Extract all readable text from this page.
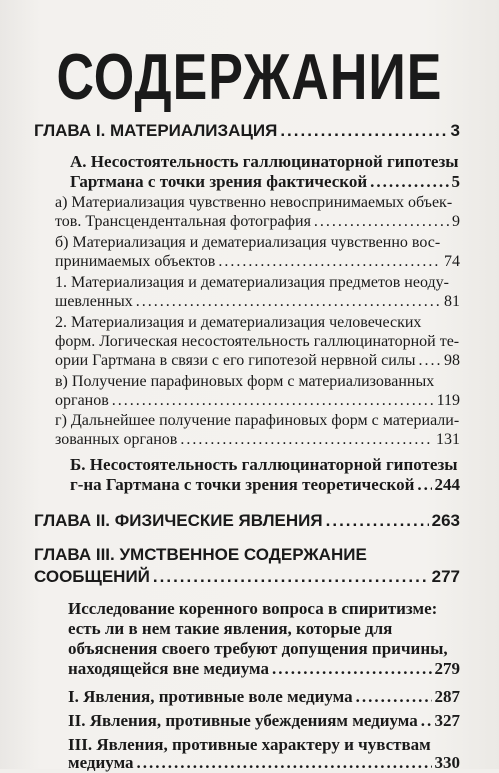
СОДЕРЖАНИЕ
ГЛАВА I. МАТЕРИАЛИЗАЦИЯ .....	3
А. Несостоятельность галлюцинаторной гипотезы
Гартмана с точки зрения фактической .....	5
а) Материализация чувственно невоспринимаемых объек-
тов. Трансцендентальная фотография .....	9
б) Материализация и дематериализация чувственно вос-
принимаемых объектов .....	74
1. Материализация и дематериализация предметов неоду-
шевленных .....	81
2. Материализация и дематериализация человеческих
форм. Логическая несостоятельность галлюцинаторной те-
ории Гартмана в связи с его гипотезой нервной силы ..... 98
в) Получение парафиновых форм с материализованных
органов .....	119
г) Дальнейшее получение парафиновых форм с материали-
зованных органов .....	131
Б. Несостоятельность галлюцинаторной гипотезы
г-на Гартмана с точки зрения теоретической ..... 244
ГЛАВА II. ФИЗИЧЕСКИЕ ЯВЛЕНИЯ .....	263
ГЛАВА III. УМСТВЕННОЕ СОДЕРЖАНИЕ
СООБЩЕНИЙ .....	277
Исследование коренного вопроса в спиритизме:
есть ли в нем такие явления, которые для
объяснения своего требуют допущения причины,
находящейся вне медиума .....	279
I. Явления, противные воле медиума .....	287
II. Явления, противные убеждениям медиума ..... 327
III. Явления, противные характеру и чувствам
медиума .....	330
